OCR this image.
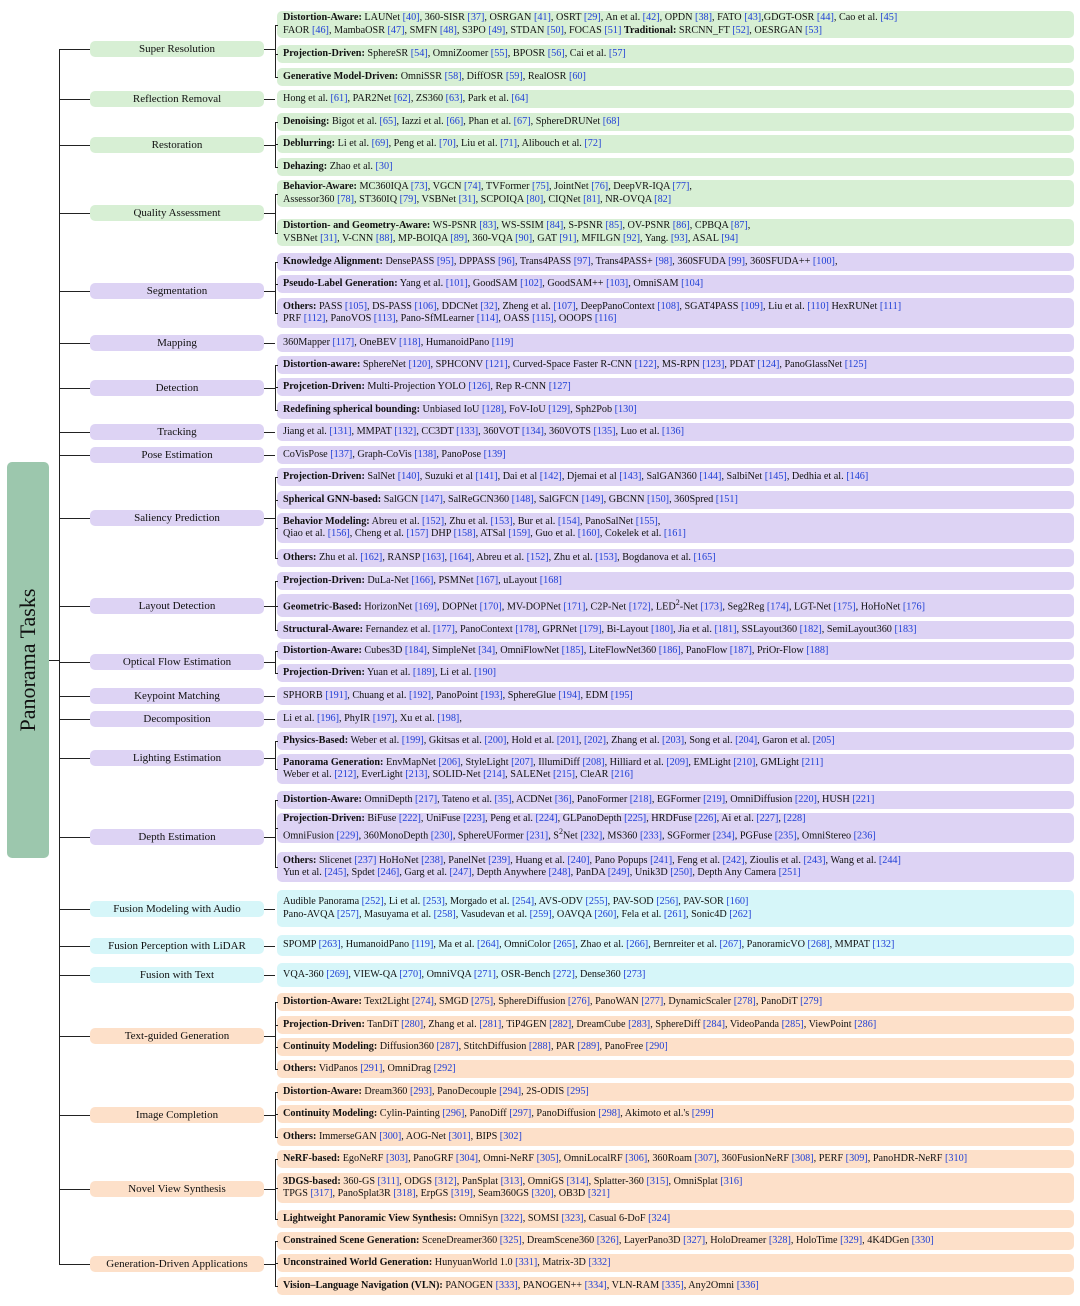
Panorama Tasks
Super Resolution
Distortion-Aware: LAUNet [40], 360-SISR [37], OSRGAN [41], OSRT [29], An et al. [42], OPDN [38], FATO [43],GDGT-OSR [44], Cao et al. [45]
FAOR [46], MambaOSR [47], SMFN [48], S3PO [49], STDAN [50], FOCAS [51] Traditional: SRCNN_FT [52], OESRGAN [53]
Projection-Driven: SphereSR [54], OmniZoomer [55], BPOSR [56], Cai et al. [57]
Generative Model-Driven: OmniSSR [58], DiffOSR [59], RealOSR [60]
Reflection Removal	Hong et al. [61], PAR2Net [62], ZS360 [63], Park et al. [64]
Restoration
Denoising: Bigot et al. [65], Iazzi et al. [66], Phan et al. [67], SphereDRUNet [68]
Deblurring: Li et al. [69], Peng et al. [70], Liu et al. [71], Alibouch et al. [72]
Dehazing: Zhao et al. [30]
Quality Assessment
Behavior-Aware: MC360IQA [73], VGCN [74], TVFormer [75], JointNet [76], DeepVR-IQA [77],
Assessor360 [78], ST360IQ [79], VSBNet [31], SCPOIQA [80], CIQNet [81], NR-OVQA [82]
Distortion- and Geometry-Aware: WS-PSNR [83], WS-SSIM [84], S-PSNR [85], OV-PSNR [86], CPBQA [87],
VSBNet [31], V-CNN [88], MP-BOIQA [89], 360-VQA [90], GAT [91], MFILGN [92], Yang. [93], ASAL [94]
Segmentation
Knowledge Alignment: DensePASS [95], DPPASS [96], Trans4PASS [97], Trans4PASS+ [98], 360SFUDA [99], 360SFUDA++ [100],
Pseudo-Label Generation: Yang et al. [101], GoodSAM [102], GoodSAM++ [103], OmniSAM [104]
Others: PASS [105], DS-PASS [106], DDCNet [32], Zheng et al. [107], DeepPanoContext [108], SGAT4PASS [109], Liu et al. [110] HexRUNet [111]
PRF [112], PanoVOS [113], Pano-SfMLearner [114], OASS [115], OOOPS [116]
Mapping	360Mapper [117], OneBEV [118], HumanoidPano [119]
Detection
Distortion-aware: SphereNet [120], SPHCONV [121], Curved-Space Faster R-CNN [122], MS-RPN [123], PDAT [124], PanoGlassNet [125]
Projcetion-Driven: Multi-Projection YOLO [126], Rep R-CNN [127]
Redefining spherical bounding: Unbiased IoU [128], FoV-IoU [129], Sph2Pob [130]
Tracking	Jiang et al. [131], MMPAT [132], CC3DT [133], 360VOT [134], 360VOTS [135], Luo et al. [136]
Pose Estimation	CoVisPose [137], Graph-CoVis [138], PanoPose [139]
Saliency Prediction
Projection-Driven: SalNet [140], Suzuki et al [141], Dai et al [142], Djemai et al [143], SalGAN360 [144], SalbiNet [145], Dedhia et al. [146]
Spherical GNN-based: SalGCN [147], SalReGCN360 [148], SalGFCN [149], GBCNN [150], 360Spred [151]
Behavior Modeling: Abreu et al. [152], Zhu et al. [153], Bur et al. [154], PanoSalNet [155],
Qiao et al. [156], Cheng et al. [157] DHP [158], ATSal [159], Guo et al. [160], Cokelek et al. [161]
Others: Zhu et al. [162], RANSP [163], [164], Abreu et al. [152], Zhu et al. [153], Bogdanova et al. [165]
Layout Detection
Projection-Driven: DuLa-Net [166], PSMNet [167], uLayout [168]
Geometric-Based: HorizonNet [169], DOPNet [170], MV-DOPNet [171], C2P-Net [172], LED$^2$-Net [173], Seg2Reg [174], LGT-Net [175], HoHoNet [176]
Structural-Aware: Fernandez et al. [177], PanoContext [178], GPRNet [179], Bi-Layout [180], Jia et al. [181], SSLayout360 [182], SemiLayout360 [183]
Optical Flow Estimation
Distortion-Aware: Cubes3D [184], SimpleNet [34], OmniFlowNet [185], LiteFlowNet360 [186], PanoFlow [187], PriOr-Flow [188]
Projection-Driven: Yuan et al. [189], Li et al. [190]
Keypoint Matching	SPHORB [191], Chuang et al. [192], PanoPoint [193], SphereGlue [194], EDM [195]
Decomposition	Li et al. [196], PhyIR [197], Xu et al. [198],
Lighting Estimation
Physics-Based: Weber et al. [199], Gkitsas et al. [200], Hold et al. [201], [202], Zhang et al. [203], Song et al. [204], Garon et al. [205]
Panorama Generation: EnvMapNet [206], StyleLight [207], IllumiDiff [208], Hilliard et al. [209], EMLight [210], GMLight [211]
Weber et al. [212], EverLight [213], SOLID-Net [214], SALENet [215], CleAR [216]
Depth Estimation
Distortion-Aware: OmniDepth [217], Tateno et al. [35], ACDNet [36], PanoFormer [218], EGFormer [219], OmniDiffusion [220], HUSH [221]
Projection-Driven: BiFuse [222], UniFuse [223], Peng et al. [224], GLPanoDepth [225], HRDFuse [226], Ai et al. [227], [228]
OmniFusion [229], 360MonoDepth [230], SphereUFormer [231], $S^2Net$ [232], MS360 [233], SGFormer [234], PGFuse [235], OmniStereo [236]
Others: Slicenet [237] HoHoNet [238], PanelNet [239], Huang et al. [240], Pano Popups [241], Feng et al. [242], Zioulis et al. [243], Wang et al. [244]
Yun et al. [245], Spdet [246], Garg et al. [247], Depth Anywhere [248], PanDA [249], Unik3D [250], Depth Any Camera [251]
Fusion Modeling with Audio
Audible Panorama [252], Li et al. [253], Morgado et al. [254], AVS-ODV [255], PAV-SOD [256], PAV-SOR [160]
Pano-AVQA [257], Masuyama et al. [258], Vasudevan et al. [259], OAVQA [260], Fela et al. [261], Sonic4D [262]
Fusion Perception with LiDAR	SPOMP [263], HumanoidPano [119], Ma et al. [264], OmniColor [265], Zhao et al. [266], Bernreiter et al. [267], PanoramicVO [268], MMPAT [132]
Fusion with Text	VQA-360 [269], VIEW-QA [270], OmniVQA [271], OSR-Bench [272], Dense360 [273]
Text-guided Generation
Distortion-Aware: Text2Light [274], SMGD [275], SphereDiffusion [276], PanoWAN [277], DynamicScaler [278], PanoDiT [279]
Projection-Driven: TanDiT [280], Zhang et al. [281], TiP4GEN [282], DreamCube [283], SphereDiff [284], VideoPanda [285], ViewPoint [286]
Continuity Modeling: Diffusion360 [287], StitchDiffusion [288], PAR [289], PanoFree [290]
Others: VidPanos [291], OmniDrag [292]
Image Completion
Distortion-Aware: Dream360 [293], PanoDecouple [294], 2S-ODIS [295]
Continuity Modeling: Cylin-Painting [296], PanoDiff [297], PanoDiffusion [298], Akimoto et al.'s [299]
Others: ImmerseGAN [300], AOG-Net [301], BIPS [302]
Novel View Synthesis
NeRF-based: EgoNeRF [303], PanoGRF [304], Omni-NeRF [305], OmniLocalRF [306], 360Roam [307], 360FusionNeRF [308], PERF [309], PanoHDR-NeRF [310]
3DGS-based: 360-GS [311], ODGS [312], PanSplat [313], OmniGS [314], Splatter-360 [315], OmniSplat [316]
TPGS [317], PanoSplat3R [318], ErpGS [319], Seam360GS [320], OB3D [321]
Lightweight Panoramic View Synthesis: OmniSyn [322], SOMSI [323], Casual 6-DoF [324]
Generation-Driven Applications
Constrained Scene Generation: SceneDreamer360 [325], DreamScene360 [326], LayerPano3D [327], HoloDreamer [328], HoloTime [329], 4K4DGen [330]
Unconstrained World Generation: HunyuanWorld 1.0 [331], Matrix-3D [332]
Vision–Language Navigation (VLN): PANOGEN [333], PANOGEN++ [334], VLN-RAM [335], Any2Omni [336]
